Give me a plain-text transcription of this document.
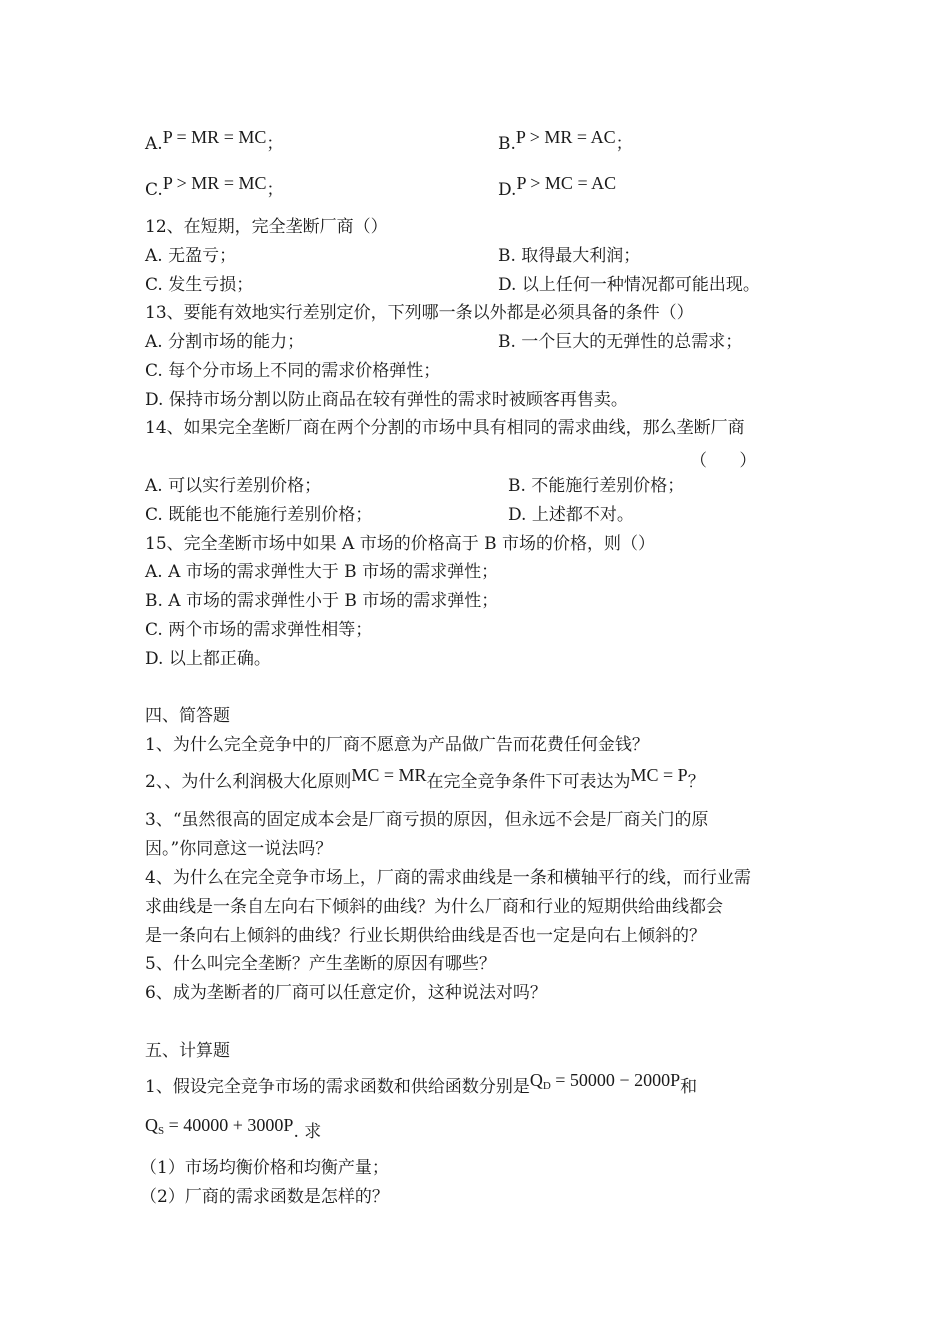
A.P = MR = MC；	B.P > MR = AC；
C.P > MR = MC；	D.P > MC = AC
12、在短期，完全垄断厂商（）
A. 无盈亏；	B. 取得最大利润；
C. 发生亏损；	D. 以上任何一种情况都可能出现。
13、要能有效地实行差别定价，下列哪一条以外都是必须具备的条件（）
A. 分割市场的能力；	B. 一个巨大的无弹性的总需求；
C. 每个分市场上不同的需求价格弹性；
D. 保持市场分割以防止商品在较有弹性的需求时被顾客再售卖。
14、如果完全垄断厂商在两个分割的市场中具有相同的需求曲线，那么垄断厂商
（      ）
A. 可以实行差别价格；	B. 不能施行差别价格；
C. 既能也不能施行差别价格；	D. 上述都不对。
15、完全垄断市场中如果 A 市场的价格高于 B 市场的价格，则（）
A. A 市场的需求弹性大于 B 市场的需求弹性；
B. A 市场的需求弹性小于 B 市场的需求弹性；
C. 两个市场的需求弹性相等；
D. 以上都正确。
四、简答题
1、为什么完全竞争中的厂商不愿意为产品做广告而花费任何金钱？
2、、为什么利润极大化原则MC = MR在完全竞争条件下可表达为MC = P？
3、“虽然很高的固定成本会是厂商亏损的原因，但永远不会是厂商关门的原
因。”你同意这一说法吗？
4、为什么在完全竞争市场上，厂商的需求曲线是一条和横轴平行的线，而行业需
求曲线是一条自左向右下倾斜的曲线？为什么厂商和行业的短期供给曲线都会
是一条向右上倾斜的曲线？行业长期供给曲线是否也一定是向右上倾斜的？
5、什么叫完全垄断？产生垄断的原因有哪些？
6、成为垄断者的厂商可以任意定价，这种说法对吗？
五、计算题
1、假设完全竞争市场的需求函数和供给函数分别是QD = 50000 − 2000P和
QS = 40000 + 3000P. 求
（1）市场均衡价格和均衡产量；
（2）厂商的需求函数是怎样的？
